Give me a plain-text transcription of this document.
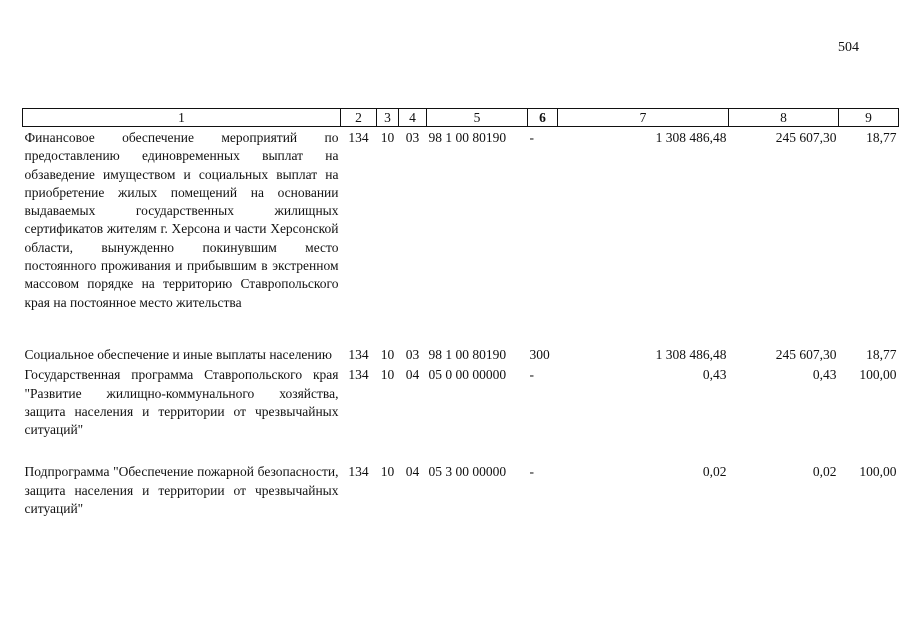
504
1	2	3	4	5	6	7	8	9
Финансовое обеспечение мероприятий по предоставлению единовременных выплат на обзаведение имуществом и социальных выплат на приобретение жилых помещений на основании выдаваемых государственных жилищных сертификатов жителям г. Херсона и части Херсонской области, вынужденно покинувшим место постоянного проживания и прибывшим в экстренном массовом порядке на территорию Ставропольского края на постоянное место жительства	134	10	03	98 1 00 80190	-	1 308 486,48	245 607,30	18,77
Социальное обеспечение и иные выплаты населению	134	10	03	98 1 00 80190	300	1 308 486,48	245 607,30	18,77
Государственная программа Ставропольского края "Развитие жилищно-коммунального хозяйства, защита населения и территории от чрезвычайных ситуаций"	134	10	04	05 0 00 00000	-	0,43	0,43	100,00
Подпрограмма "Обеспечение пожарной безопасности, защита населения и территории от чрезвычайных ситуаций"	134	10	04	05 3 00 00000	-	0,02	0,02	100,00
